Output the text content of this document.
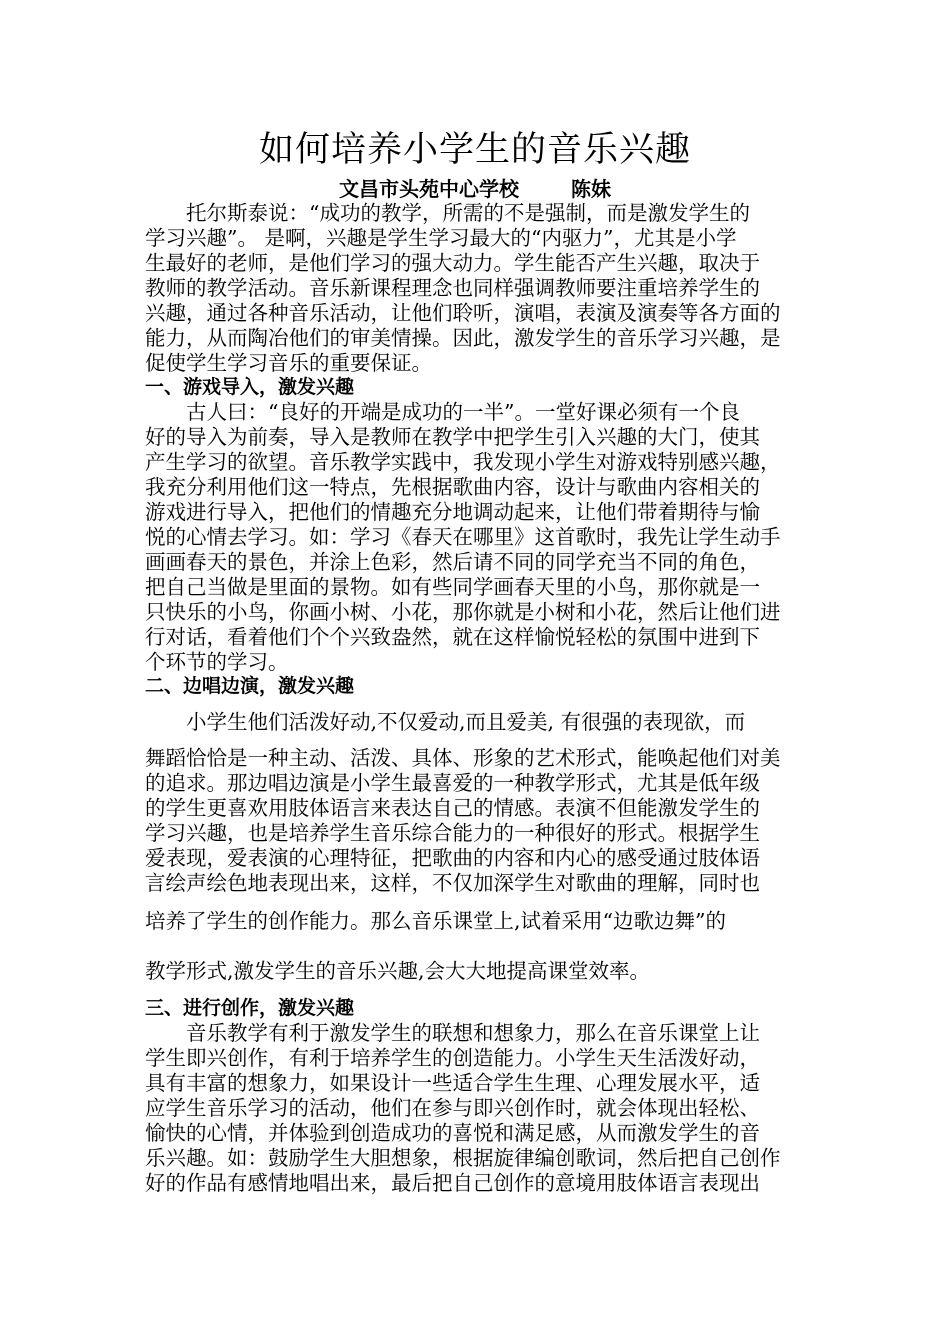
如何培养小学生的音乐兴趣
文昌市头苑中心学校	陈妹
　　托尔斯泰说：“成功的教学，所需的不是强制，而是激发学生的
学习兴趣”。 是啊，兴趣是学生学习最大的“内驱力”，尤其是小学
生最好的老师，是他们学习的强大动力。学生能否产生兴趣，取决于
教师的教学活动。音乐新课程理念也同样强调教师要注重培养学生的
兴趣，通过各种音乐活动，让他们聆听，演唱，表演及演奏等各方面的
能力，从而陶冶他们的审美情操。因此，激发学生的音乐学习兴趣，是
促使学生学习音乐的重要保证。
一、游戏导入，激发兴趣
　　古人曰：“良好的开端是成功的一半”。一堂好课必须有一个良
好的导入为前奏，导入是教师在教学中把学生引入兴趣的大门，使其
产生学习的欲望。音乐教学实践中，我发现小学生对游戏特别感兴趣，
我充分利用他们这一特点，先根据歌曲内容，设计与歌曲内容相关的
游戏进行导入，把他们的情趣充分地调动起来，让他们带着期待与愉
悦的心情去学习。如：学习《春天在哪里》这首歌时，我先让学生动手
画画春天的景色，并涂上色彩，然后请不同的同学充当不同的角色，
把自己当做是里面的景物。如有些同学画春天里的小鸟，那你就是一
只快乐的小鸟，你画小树、小花，那你就是小树和小花，然后让他们进
行对话，看着他们个个兴致盎然，就在这样愉悦轻松的氛围中进到下
个环节的学习。
二、边唱边演，激发兴趣
　　小学生他们活泼好动,不仅爱动,而且爱美, 有很强的表现欲，而
舞蹈恰恰是一种主动、活泼、具体、形象的艺术形式，能唤起他们对美
的追求。那边唱边演是小学生最喜爱的一种教学形式，尤其是低年级
的学生更喜欢用肢体语言来表达自己的情感。表演不但能激发学生的
学习兴趣，也是培养学生音乐综合能力的一种很好的形式。根据学生
爱表现，爱表演的心理特征，把歌曲的内容和内心的感受通过肢体语
言绘声绘色地表现出来，这样，不仅加深学生对歌曲的理解，同时也
培养了学生的创作能力。那么音乐课堂上,试着采用“边歌边舞”的
教学形式,激发学生的音乐兴趣,会大大地提高课堂效率。
三、进行创作，激发兴趣
　　音乐教学有利于激发学生的联想和想象力，那么在音乐课堂上让
学生即兴创作，有利于培养学生的创造能力。小学生天生活泼好动，
具有丰富的想象力，如果设计一些适合学生生理、心理发展水平，适
应学生音乐学习的活动，他们在参与即兴创作时，就会体现出轻松、
愉快的心情，并体验到创造成功的喜悦和满足感，从而激发学生的音
乐兴趣。如：鼓励学生大胆想象，根据旋律编创歌词，然后把自己创作
好的作品有感情地唱出来，最后把自己创作的意境用肢体语言表现出
